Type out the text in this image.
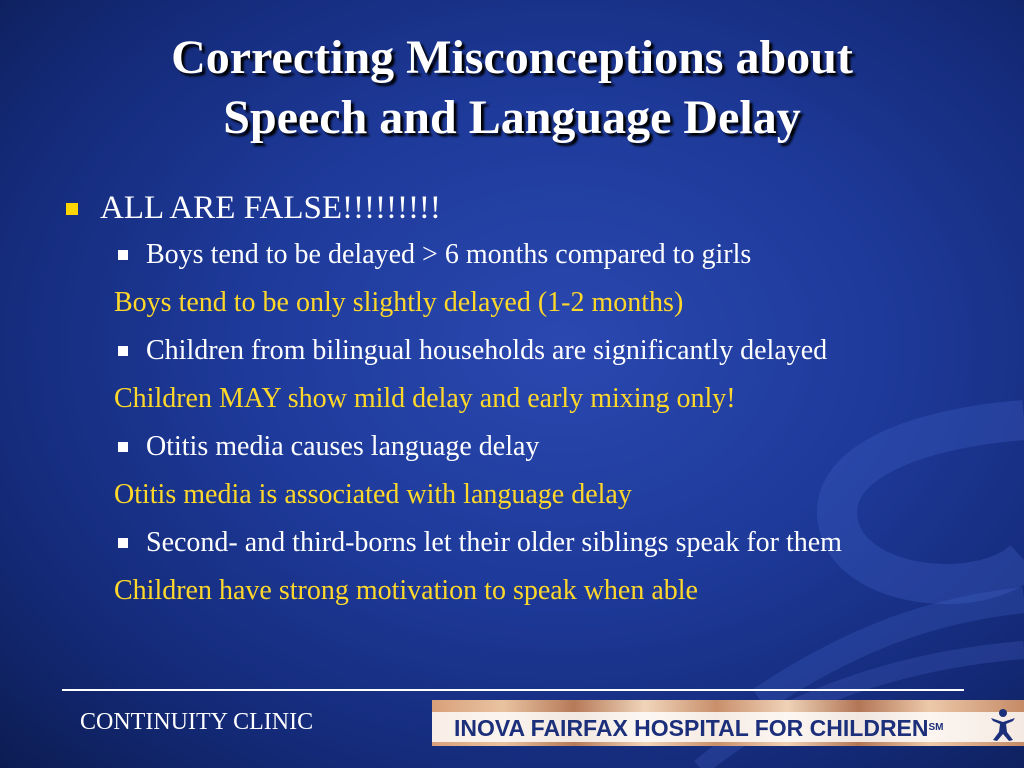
Correcting Misconceptions about
Speech and Language Delay
ALL ARE FALSE!!!!!!!!!
Boys tend to be delayed > 6 months compared to girls
Boys tend to be only slightly delayed (1-2 months)
Children from bilingual households are significantly delayed
Children MAY show mild delay and early mixing only!
Otitis media causes language delay
Otitis media is associated with language delay
Second- and third-borns let their older siblings speak for them
Children have strong motivation to speak when able
CONTINUITY CLINIC	INOVA FAIRFAX HOSPITAL FOR CHILDREN℠
